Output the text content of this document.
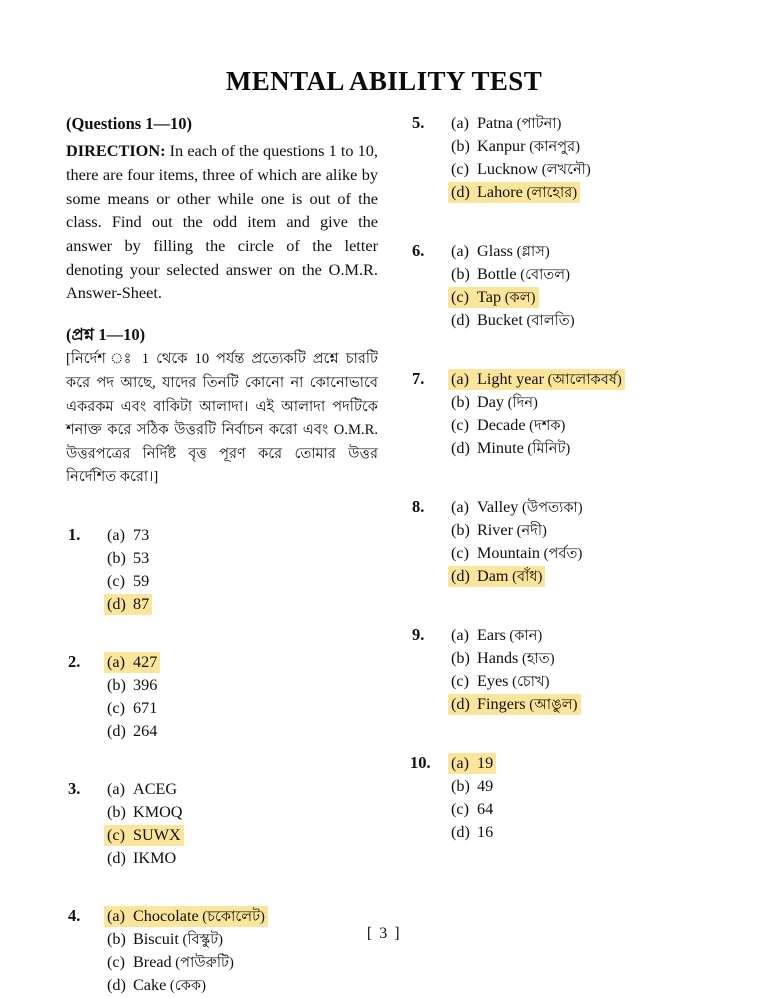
MENTAL ABILITY TEST
(Questions 1—10)

DIRECTION: In each of the questions 1 to 10, there are four items, three of which are alike by some means or other while one is out of the class. Find out the odd item and give the answer by filling the circle of the letter denoting your selected answer on the O.M.R. Answer-Sheet.

(প্রশ্ন 1—10)

[নির্দেশ ঃ 1 থেকে 10 পর্যন্ত প্রত্যেকটি প্রশ্নে চারটি করে পদ আছে, যাদের তিনটি কোনো না কোনোভাবে একরকম এবং বাকিটা আলাদা। এই আলাদা পদটিকে শনাক্ত করে সঠিক উত্তরটি নির্বাচন করো এবং O.M.R. উত্তরপত্রের নির্দিষ্ট বৃত্ত পূরণ করে তোমার উত্তর নির্দেশিত করো।]

1.	(a) 73
(b) 53
(c) 59
(d) 87
2.	(a) 427
(b) 396
(c) 671
(d) 264
3.	(a) ACEG
(b) KMOQ
(c) SUWX
(d) IKMO
4.	(a) Chocolate (চকোলেট)
(b) Biscuit (বিস্কুট)
(c) Bread (পাউরুটি)
(d) Cake (কেক)
5.	(a) Patna (পাটনা)
(b) Kanpur (কানপুর)
(c) Lucknow (লখনৌ)
(d) Lahore (লাহোর)
6.	(a) Glass (গ্লাস)
(b) Bottle (বোতল)
(c) Tap (কল)
(d) Bucket (বালতি)
7.	(a) Light year (আলোকবর্ষ)
(b) Day (দিন)
(c) Decade (দশক)
(d) Minute (মিনিট)
8.	(a) Valley (উপত্যকা)
(b) River (নদী)
(c) Mountain (পর্বত)
(d) Dam (বাঁধ)
9.	(a) Ears (কান)
(b) Hands (হাত)
(c) Eyes (চোখ)
(d) Fingers (আঙুল)
10.	(a) 19
(b) 49
(c) 64
(d) 16
[ 3 ]
